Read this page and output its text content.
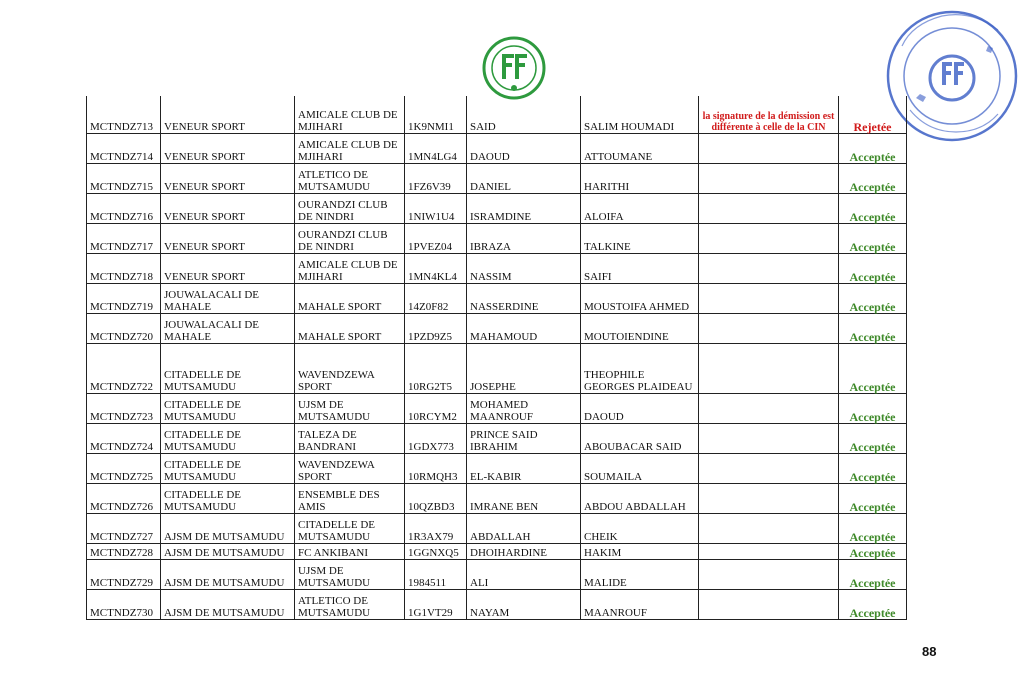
MCTNDZ713	VENEUR SPORT	AMICALE CLUB DE MJIHARI	1K9NMI1	SAID	SALIM HOUMADI	la signature de la démission est différente à celle de la CIN	Rejetée
MCTNDZ714	VENEUR SPORT	AMICALE CLUB DE MJIHARI	1MN4LG4	DAOUD	ATTOUMANE		Acceptée
MCTNDZ715	VENEUR SPORT	ATLETICO DE MUTSAMUDU	1FZ6V39	DANIEL	HARITHI		Acceptée
MCTNDZ716	VENEUR SPORT	OURANDZI CLUB DE NINDRI	1NIW1U4	ISRAMDINE	ALOIFA		Acceptée
MCTNDZ717	VENEUR SPORT	OURANDZI CLUB DE NINDRI	1PVEZ04	IBRAZA	TALKINE		Acceptée
MCTNDZ718	VENEUR SPORT	AMICALE CLUB DE MJIHARI	1MN4KL4	NASSIM	SAIFI		Acceptée
MCTNDZ719	JOUWALACALI DE MAHALE	MAHALE SPORT	14Z0F82	NASSERDINE	MOUSTOIFA AHMED		Acceptée
MCTNDZ720	JOUWALACALI DE MAHALE	MAHALE SPORT	1PZD9Z5	MAHAMOUD	MOUTOIENDINE		Acceptée
MCTNDZ722	CITADELLE DE MUTSAMUDU	WAVENDZEWA SPORT	10RG2T5	JOSEPHE	THEOPHILE GEORGES PLAIDEAU		Acceptée
MCTNDZ723	CITADELLE DE MUTSAMUDU	UJSM DE MUTSAMUDU	10RCYM2	MOHAMED MAANROUF	DAOUD		Acceptée
MCTNDZ724	CITADELLE DE MUTSAMUDU	TALEZA DE BANDRANI	1GDX773	PRINCE SAID IBRAHIM	ABOUBACAR SAID		Acceptée
MCTNDZ725	CITADELLE DE MUTSAMUDU	WAVENDZEWA SPORT	10RMQH3	EL-KABIR	SOUMAILA		Acceptée
MCTNDZ726	CITADELLE DE MUTSAMUDU	ENSEMBLE DES AMIS	10QZBD3	IMRANE BEN	ABDOU ABDALLAH		Acceptée
MCTNDZ727	AJSM DE MUTSAMUDU	CITADELLE DE MUTSAMUDU	1R3AX79	ABDALLAH	CHEIK		Acceptée
MCTNDZ728	AJSM DE MUTSAMUDU	FC ANKIBANI	1GGNXQ5	DHOIHARDINE	HAKIM		Acceptée
MCTNDZ729	AJSM DE MUTSAMUDU	UJSM DE MUTSAMUDU	1984511	ALI	MALIDE		Acceptée
MCTNDZ730	AJSM DE MUTSAMUDU	ATLETICO DE MUTSAMUDU	1G1VT29	NAYAM	MAANROUF		Acceptée
88
